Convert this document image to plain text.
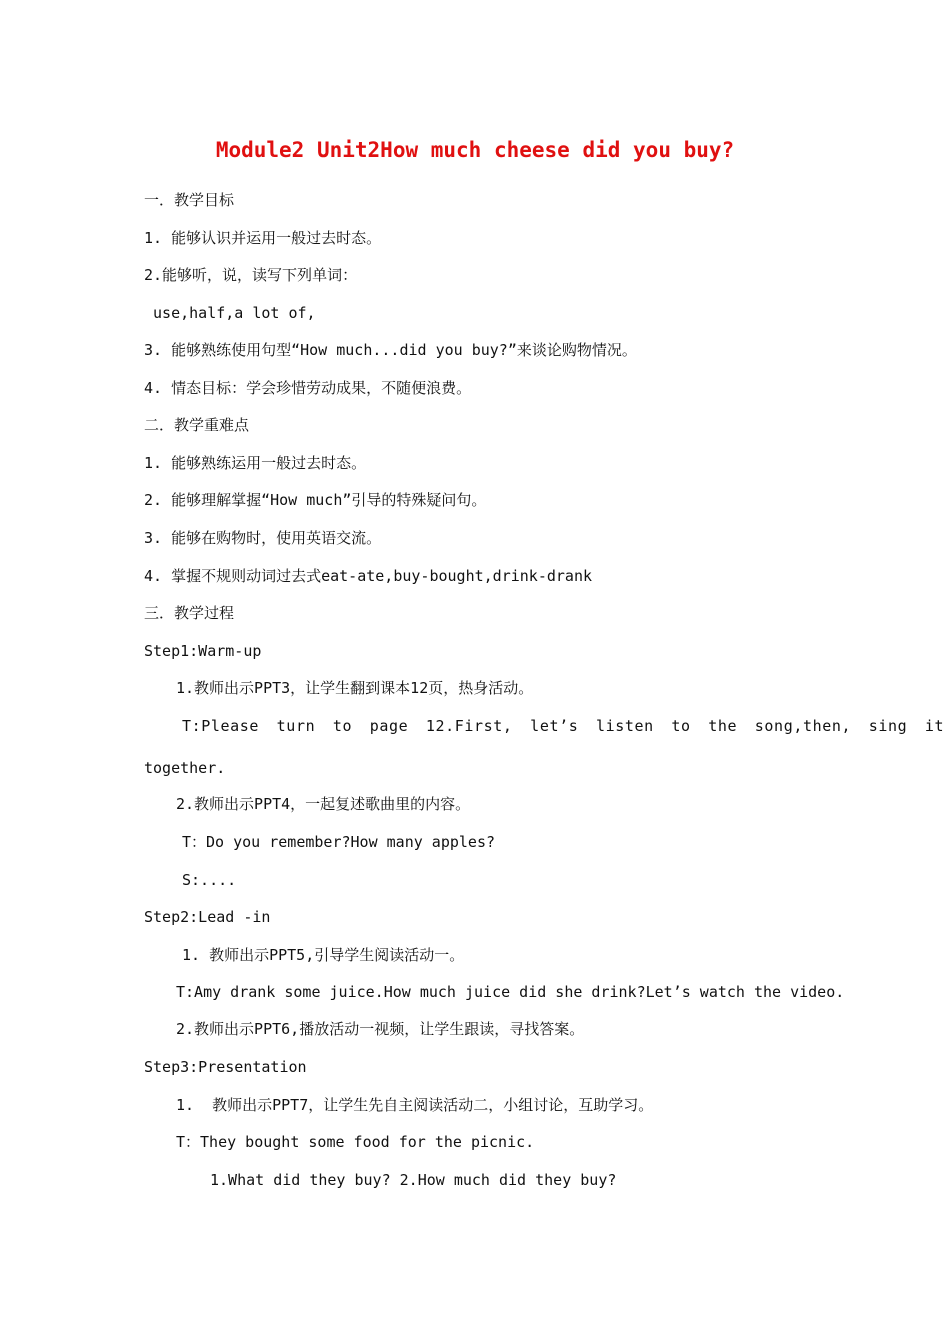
Module2 Unit2How much cheese did you buy?
一．教学目标
1. 能够认识并运用一般过去时态。
2.能够听，说，读写下列单词：
use,half,a lot of,
3. 能够熟练使用句型“How much...did you buy?”来谈论购物情况。
4. 情态目标：学会珍惜劳动成果，不随便浪费。
二．教学重难点
1. 能够熟练运用一般过去时态。
2. 能够理解掌握“How much”引导的特殊疑问句。
3. 能够在购物时，使用英语交流。
4. 掌握不规则动词过去式eat-ate,buy-bought,drink-drank
三．教学过程
Step1:Warm-up
1.教师出示PPT3，让学生翻到课本12页，热身活动。
T:Please turn to page 12.First, let’s listen to the song,then, sing it
together.
2.教师出示PPT4，一起复述歌曲里的内容。
T：Do you remember?How many apples?
S:....
Step2:Lead -in
1. 教师出示PPT5,引导学生阅读活动一。
T:Amy drank some juice.How much juice did she drink?Let’s watch the video.
2.教师出示PPT6,播放活动一视频，让学生跟读，寻找答案。
Step3:Presentation
1.  教师出示PPT7，让学生先自主阅读活动二，小组讨论，互助学习。
T：They bought some food for the picnic.
1.What did they buy? 2.How much did they buy?
